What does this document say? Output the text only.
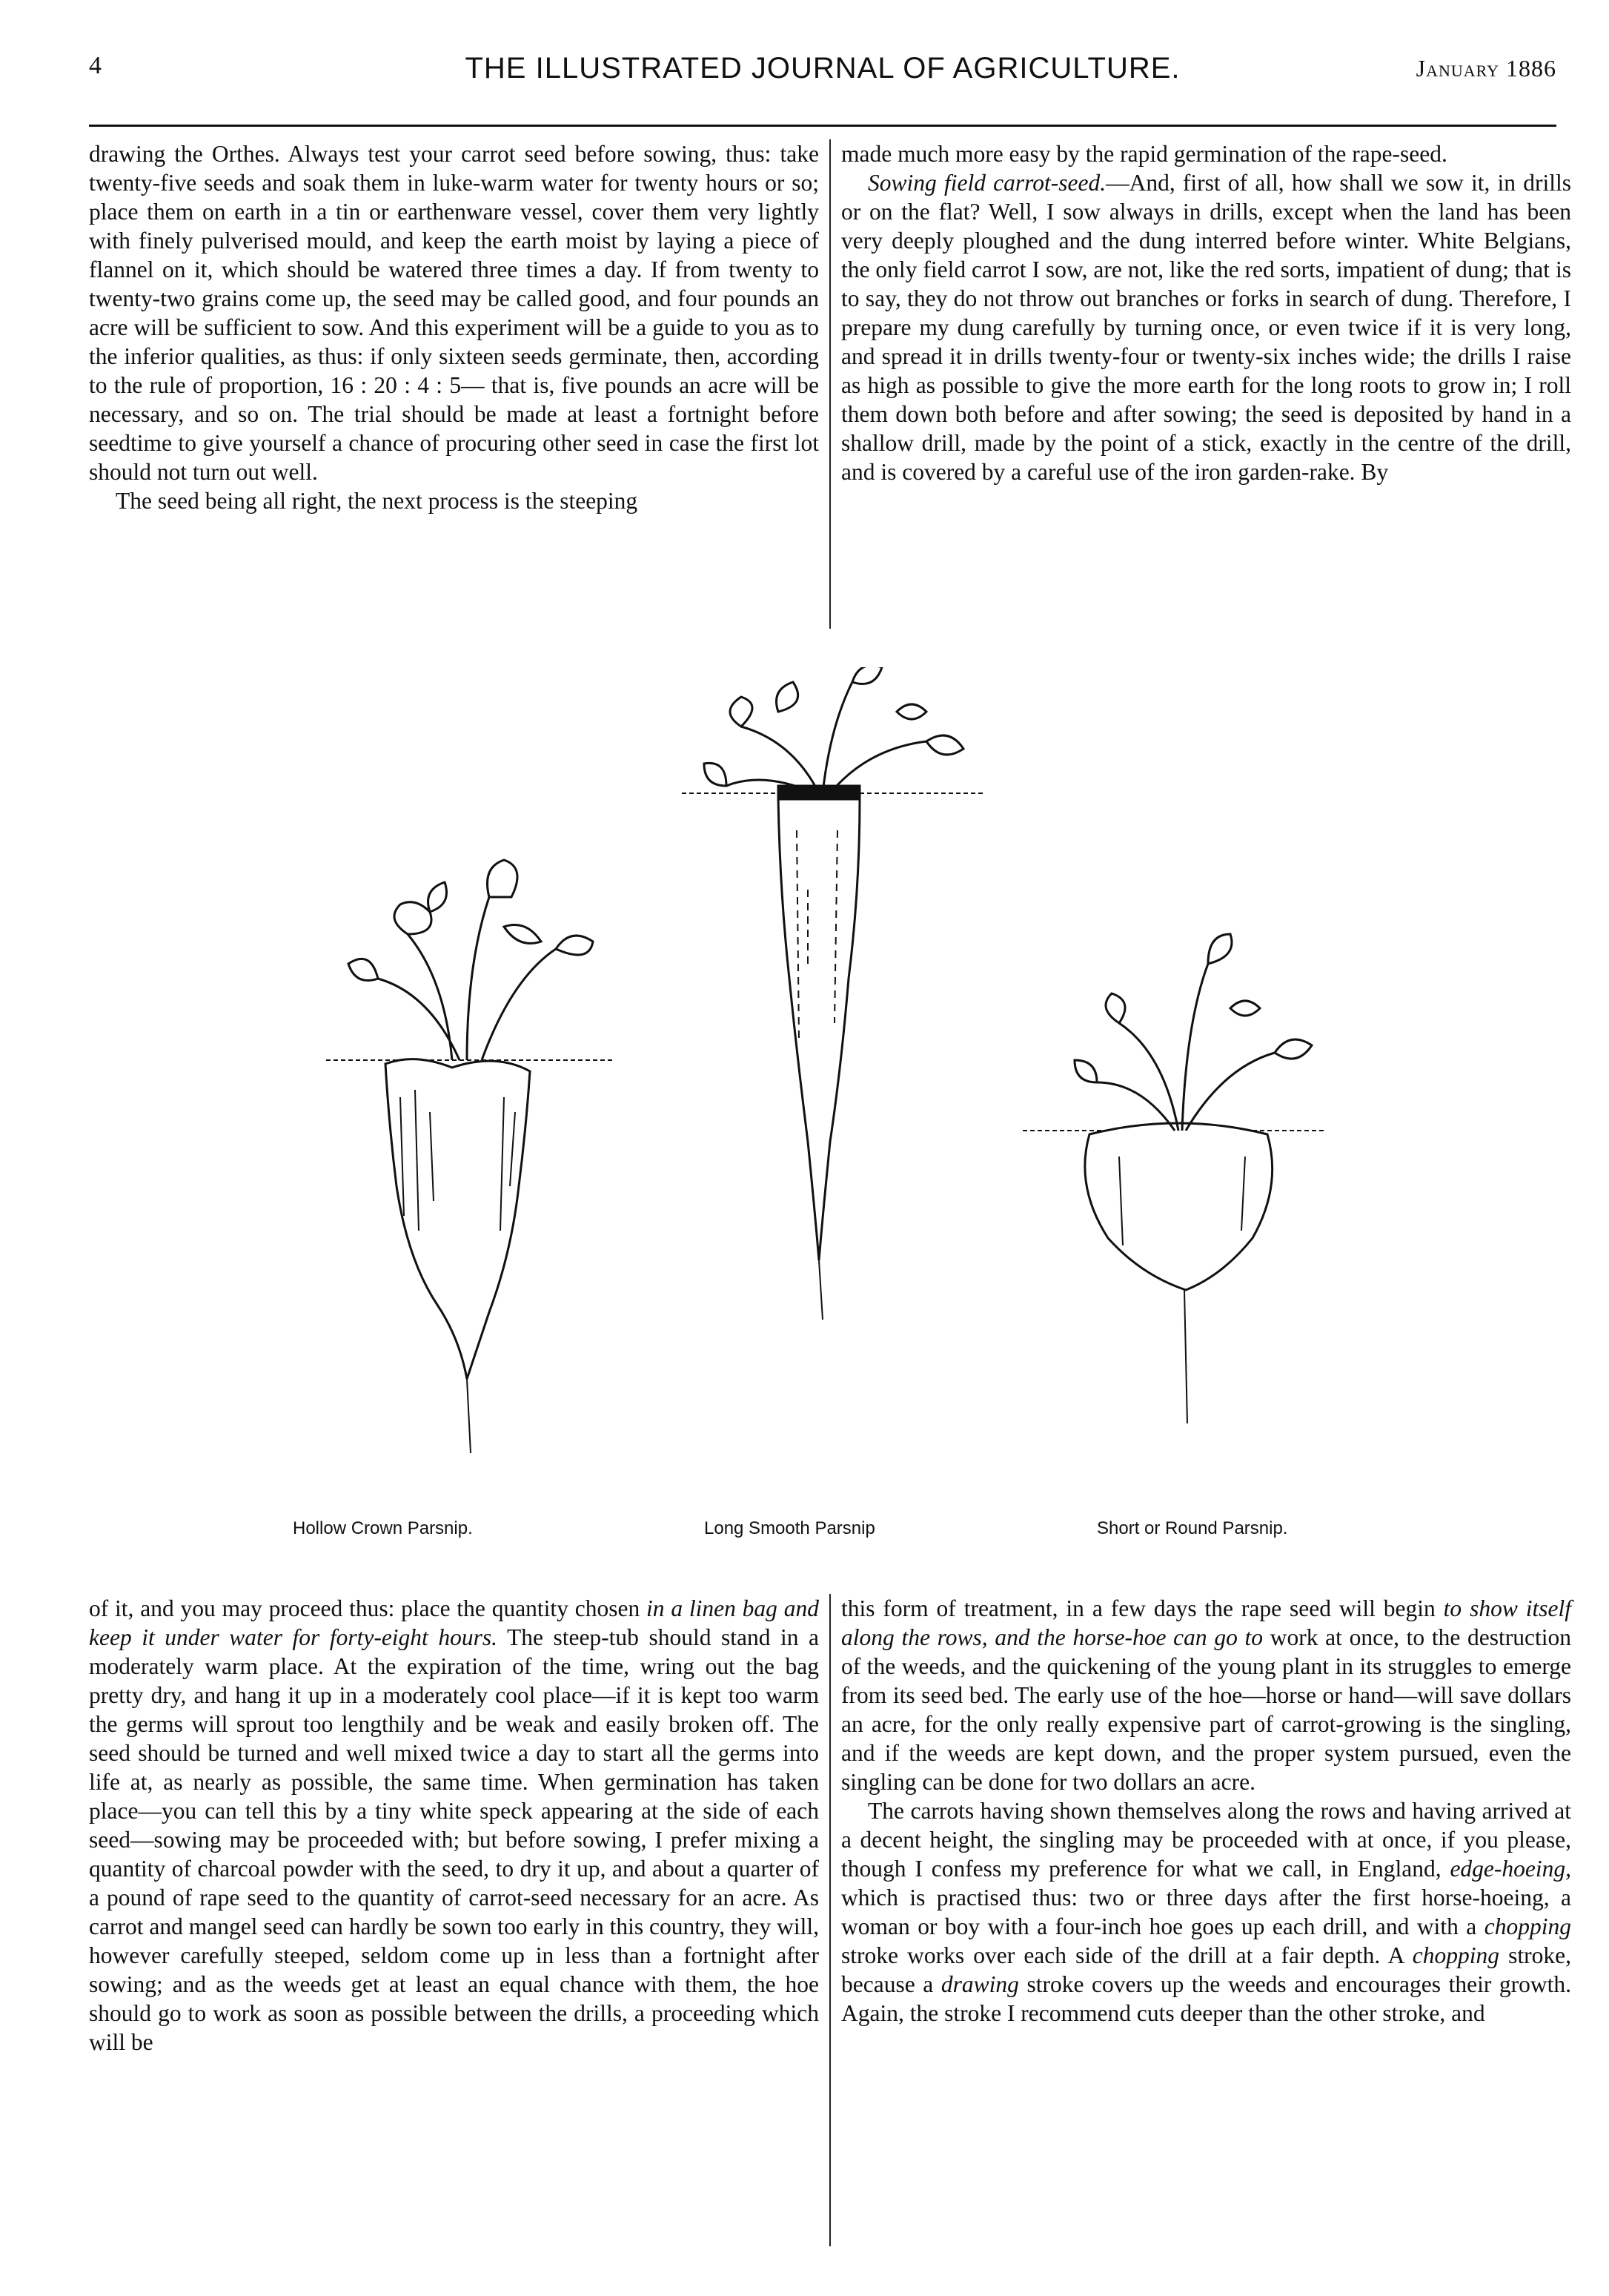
4	THE ILLUSTRATED JOURNAL OF AGRICULTURE.	January 1886

drawing the Orthes. Always test your carrot seed before sowing, thus: take twenty-five seeds and soak them in luke-warm water for twenty hours or so; place them on earth in a tin or earthenware vessel, cover them very lightly with finely pulverised mould, and keep the earth moist by laying a piece of flannel on it, which should be watered three times a day. If from twenty to twenty-two grains come up, the seed may be called good, and four pounds an acre will be sufficient to sow. And this experiment will be a guide to you as to the inferior qualities, as thus: if only sixteen seeds germinate, then, according to the rule of proportion, 16 : 20 : 4 : 5— that is, five pounds an acre will be necessary, and so on. The trial should be made at least a fortnight before seedtime to give yourself a chance of procuring other seed in case the first lot should not turn out well.

The seed being all right, the next process is the steeping

made much more easy by the rapid germination of the rape-seed.

Sowing field carrot-seed.—And, first of all, how shall we sow it, in drills or on the flat? Well, I sow always in drills, except when the land has been very deeply ploughed and the dung interred before winter. White Belgians, the only field carrot I sow, are not, like the red sorts, impatient of dung; that is to say, they do not throw out branches or forks in search of dung. Therefore, I prepare my dung carefully by turning once, or even twice if it is very long, and spread it in drills twenty-four or twenty-six inches wide; the drills I raise as high as possible to give the more earth for the long roots to grow in; I roll them down both before and after sowing; the seed is deposited by hand in a shallow drill, made by the point of a stick, exactly in the centre of the drill, and is covered by a careful use of the iron garden-rake. By

Hollow Crown Parsnip.	Long Smooth Parsnip	Short or Round Parsnip.

of it, and you may proceed thus: place the quantity chosen in a linen bag and keep it under water for forty-eight hours. The steep-tub should stand in a moderately warm place. At the expiration of the time, wring out the bag pretty dry, and hang it up in a moderately cool place—if it is kept too warm the germs will sprout too lengthily and be weak and easily broken off. The seed should be turned and well mixed twice a day to start all the germs into life at, as nearly as possible, the same time. When germination has taken place—you can tell this by a tiny white speck appearing at the side of each seed—sowing may be proceeded with; but before sowing, I prefer mixing a quantity of charcoal powder with the seed, to dry it up, and about a quarter of a pound of rape seed to the quantity of carrot-seed necessary for an acre. As carrot and mangel seed can hardly be sown too early in this country, they will, however carefully steeped, seldom come up in less than a fortnight after sowing; and as the weeds get at least an equal chance with them, the hoe should go to work as soon as possible between the drills, a proceeding which will be

this form of treatment, in a few days the rape seed will begin to show itself along the rows, and the horse-hoe can go to work at once, to the destruction of the weeds, and the quickening of the young plant in its struggles to emerge from its seed bed. The early use of the hoe—horse or hand—will save dollars an acre, for the only really expensive part of carrot-growing is the singling, and if the weeds are kept down, and the proper system pursued, even the singling can be done for two dollars an acre.

The carrots having shown themselves along the rows and having arrived at a decent height, the singling may be proceeded with at once, if you please, though I confess my preference for what we call, in England, edge-hoeing, which is practised thus: two or three days after the first horse-hoeing, a woman or boy with a four-inch hoe goes up each drill, and with a chopping stroke works over each side of the drill at a fair depth. A chopping stroke, because a drawing stroke covers up the weeds and encourages their growth. Again, the stroke I recommend cuts deeper than the other stroke, and
